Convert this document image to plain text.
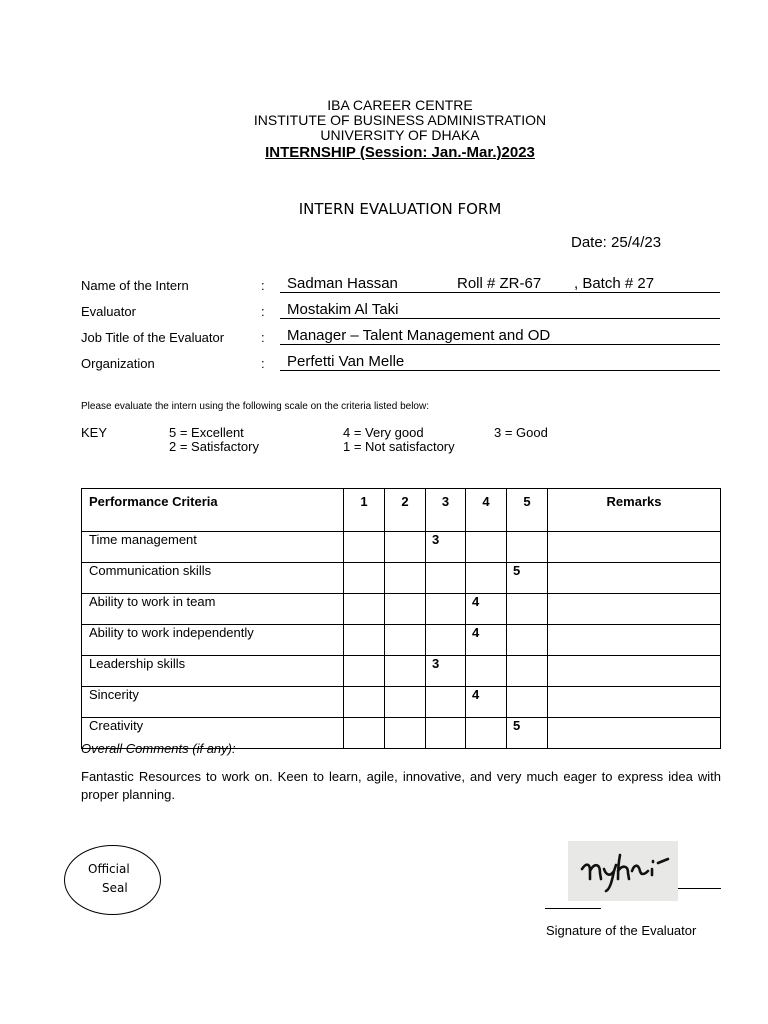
IBA CAREER CENTRE
INSTITUTE OF BUSINESS ADMINISTRATION
UNIVERSITY OF DHAKA
INTERNSHIP (Session: Jan.-Mar.)2023
INTERN EVALUATION FORM
Date: 25/4/23
Name of the Intern	: Sadman Hassan	Roll # ZR-67 , Batch # 27
Evaluator	: Mostakim Al Taki
Job Title of the Evaluator	: Manager – Talent Management and OD
Organization	: Perfetti Van Melle
Please evaluate the intern using the following scale on the criteria listed below:
KEY	5 = Excellent	4 = Very good	3 = Good
2 = Satisfactory	1 = Not satisfactory
Performance Criteria	1	2	3	4	5	Remarks
Time management			3			
Communication skills					5	
Ability to work in team				4		
Ability to work independently				4		
Leadership skills			3			
Sincerity				4		
Creativity					5	
Overall Comments (if any):
Fantastic Resources to work on. Keen to learn, agile, innovative, and very much eager to express idea with proper planning.
Official
Seal
Signature of the Evaluator
